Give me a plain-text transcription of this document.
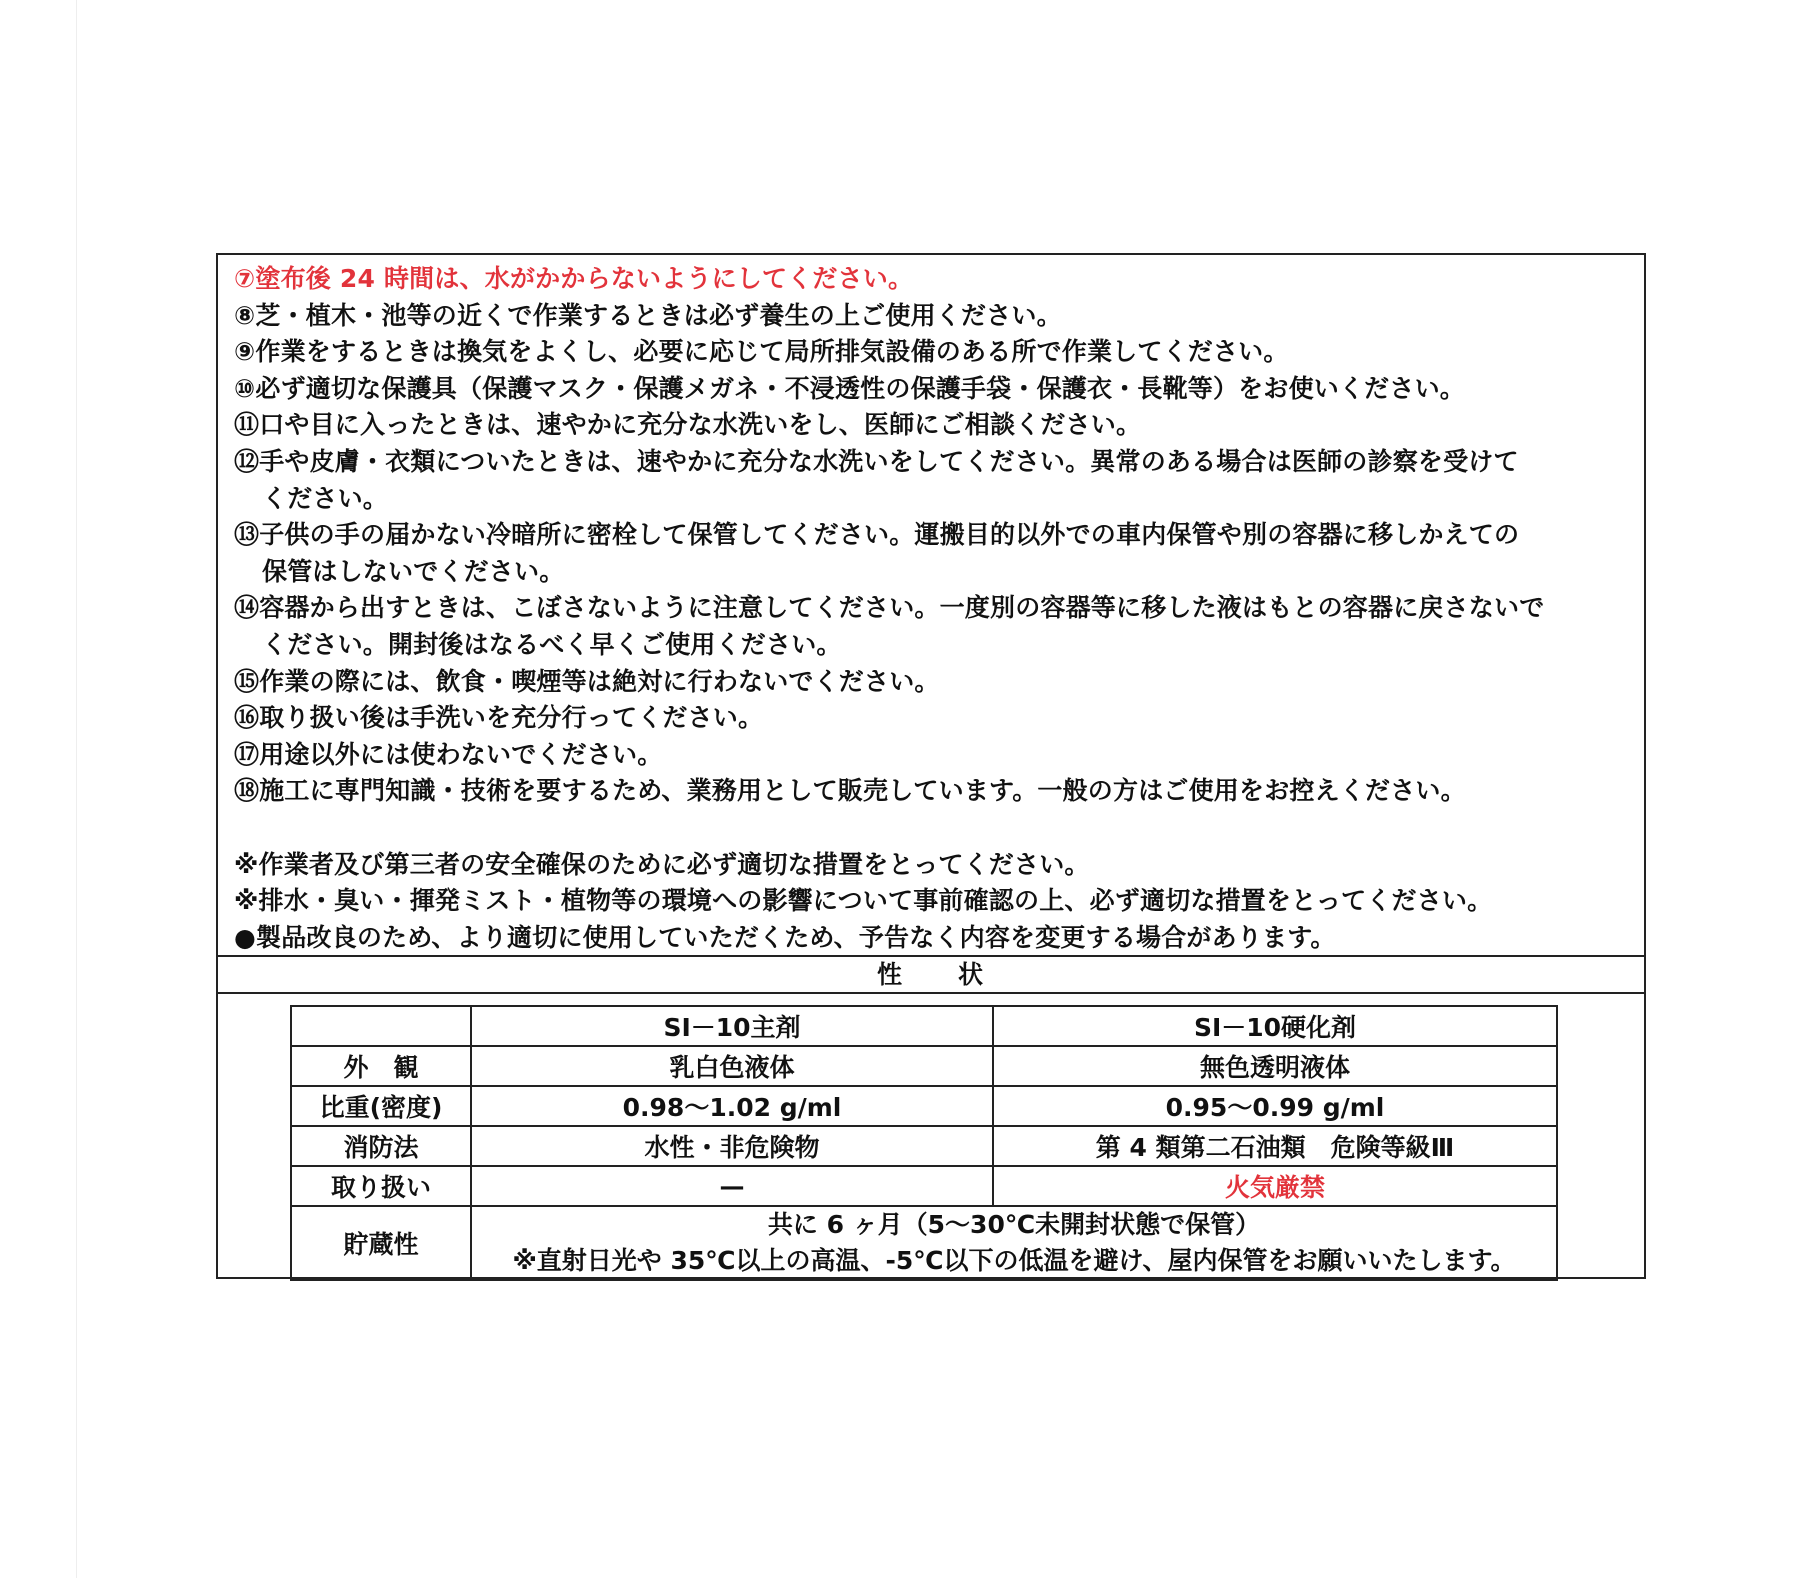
⑦塗布後 24 時間は、水がかからないようにしてください。
⑧芝・植木・池等の近くで作業するときは必ず養生の上ご使用ください。
⑨作業をするときは換気をよくし、必要に応じて局所排気設備のある所で作業してください。
⑩必ず適切な保護具（保護マスク・保護メガネ・不浸透性の保護手袋・保護衣・長靴等）をお使いください。
⑪口や目に入ったときは、速やかに充分な水洗いをし、医師にご相談ください。
⑫手や皮膚・衣類についたときは、速やかに充分な水洗いをしてください。異常のある場合は医師の診察を受けて
ください。
⑬子供の手の届かない冷暗所に密栓して保管してください。運搬目的以外での車内保管や別の容器に移しかえての
保管はしないでください。
⑭容器から出すときは、こぼさないように注意してください。一度別の容器等に移した液はもとの容器に戻さないで
ください。開封後はなるべく早くご使用ください。
⑮作業の際には、飲食・喫煙等は絶対に行わないでください。
⑯取り扱い後は手洗いを充分行ってください。
⑰用途以外には使わないでください。
⑱施工に専門知識・技術を要するため、業務用として販売しています。一般の方はご使用をお控えください。
※作業者及び第三者の安全確保のために必ず適切な措置をとってください。
※排水・臭い・揮発ミスト・植物等の環境への影響について事前確認の上、必ず適切な措置をとってください。
●製品改良のため、より適切に使用していただくため、予告なく内容を変更する場合があります。
性　　状
	SI－10主剤	SI－10硬化剤
外　観	乳白色液体	無色透明液体
比重(密度)	0.98～1.02 g/ml	0.95～0.99 g/ml
消防法	水性・非危険物	第 4 類第二石油類　危険等級Ⅲ
取り扱い	—	火気厳禁
貯蔵性	共に 6 ヶ月（5～30℃未開封状態で保管）
※直射日光や 35℃以上の高温、-5℃以下の低温を避け、屋内保管をお願いいたします。	
